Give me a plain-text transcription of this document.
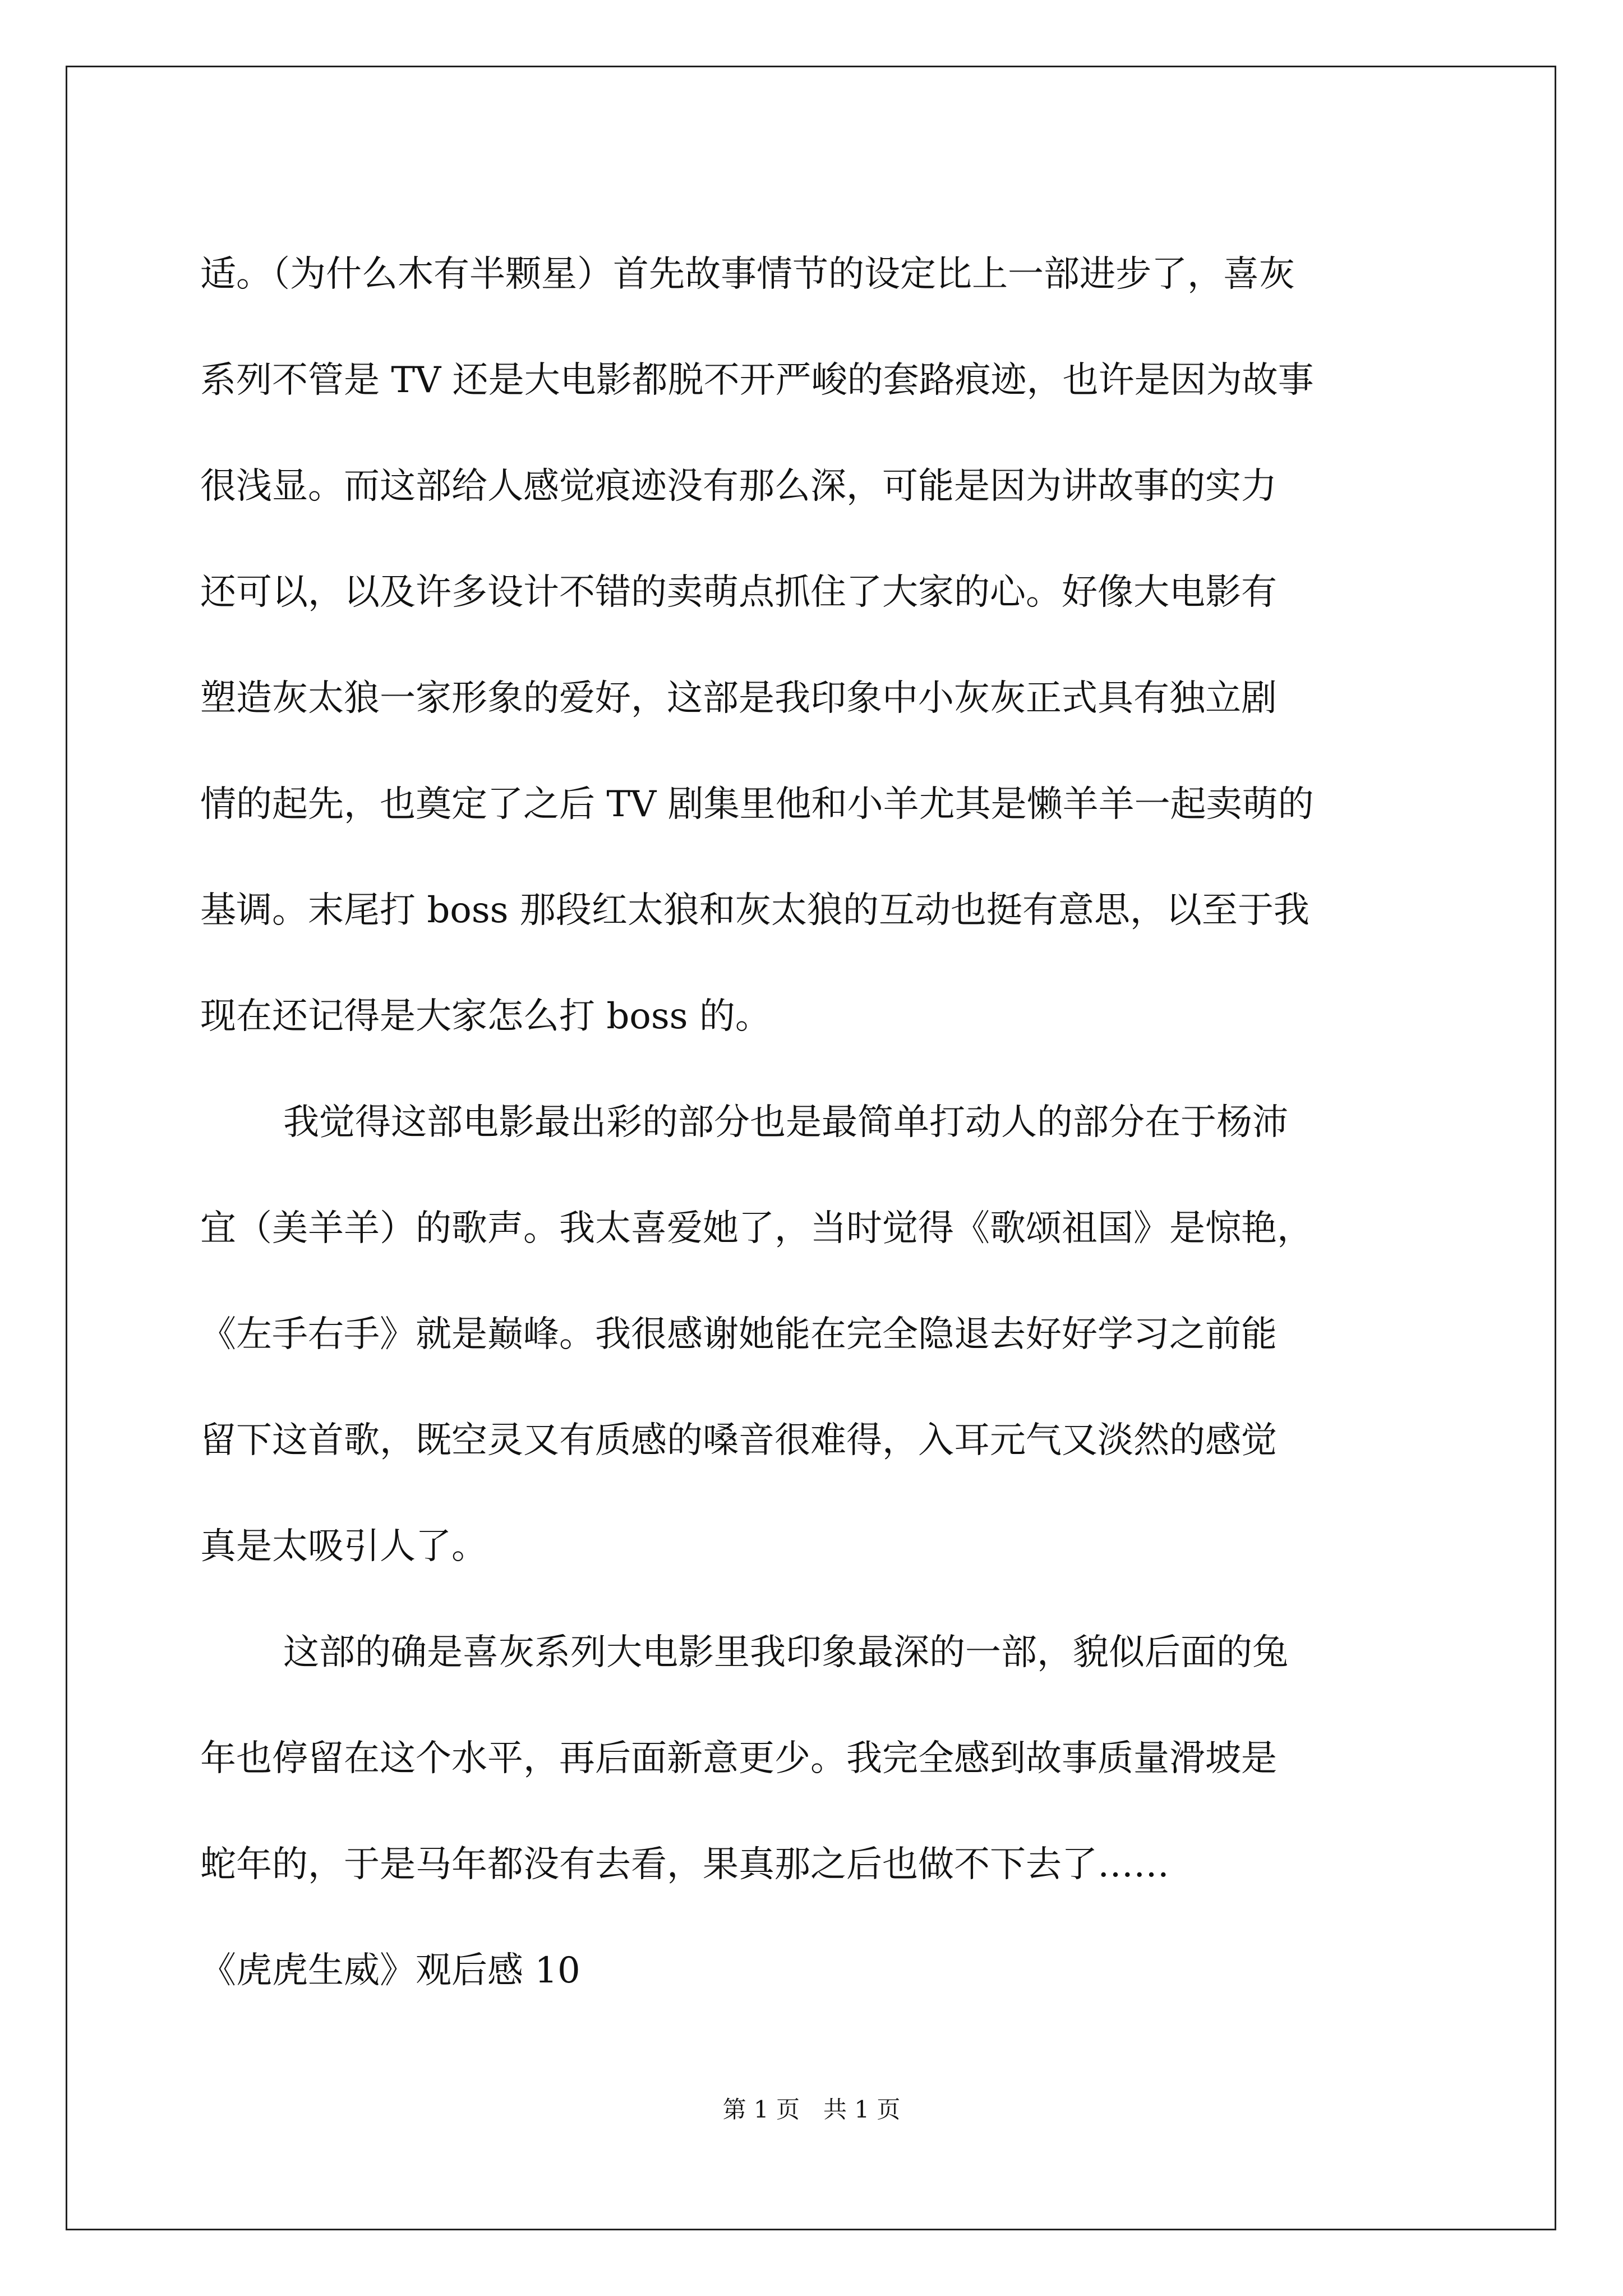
适。（为什么木有半颗星）首先故事情节的设定比上一部进步了，喜灰
系列不管是 TV 还是大电影都脱不开严峻的套路痕迹，也许是因为故事
很浅显。而这部给人感觉痕迹没有那么深，可能是因为讲故事的实力
还可以，以及许多设计不错的卖萌点抓住了大家的心。好像大电影有
塑造灰太狼一家形象的爱好，这部是我印象中小灰灰正式具有独立剧
情的起先，也奠定了之后 TV 剧集里他和小羊尤其是懒羊羊一起卖萌的
基调。末尾打 boss 那段红太狼和灰太狼的互动也挺有意思，以至于我
现在还记得是大家怎么打 boss 的。
我觉得这部电影最出彩的部分也是最简单打动人的部分在于杨沛
宜（美羊羊）的歌声。我太喜爱她了，当时觉得《歌颂祖国》是惊艳，
《左手右手》就是巅峰。我很感谢她能在完全隐退去好好学习之前能
留下这首歌，既空灵又有质感的嗓音很难得，入耳元气又淡然的感觉
真是太吸引人了。
这部的确是喜灰系列大电影里我印象最深的一部，貌似后面的兔
年也停留在这个水平，再后面新意更少。我完全感到故事质量滑坡是
蛇年的，于是马年都没有去看，果真那之后也做不下去了……
《虎虎生威》观后感 10
第 1 页　共 1 页
